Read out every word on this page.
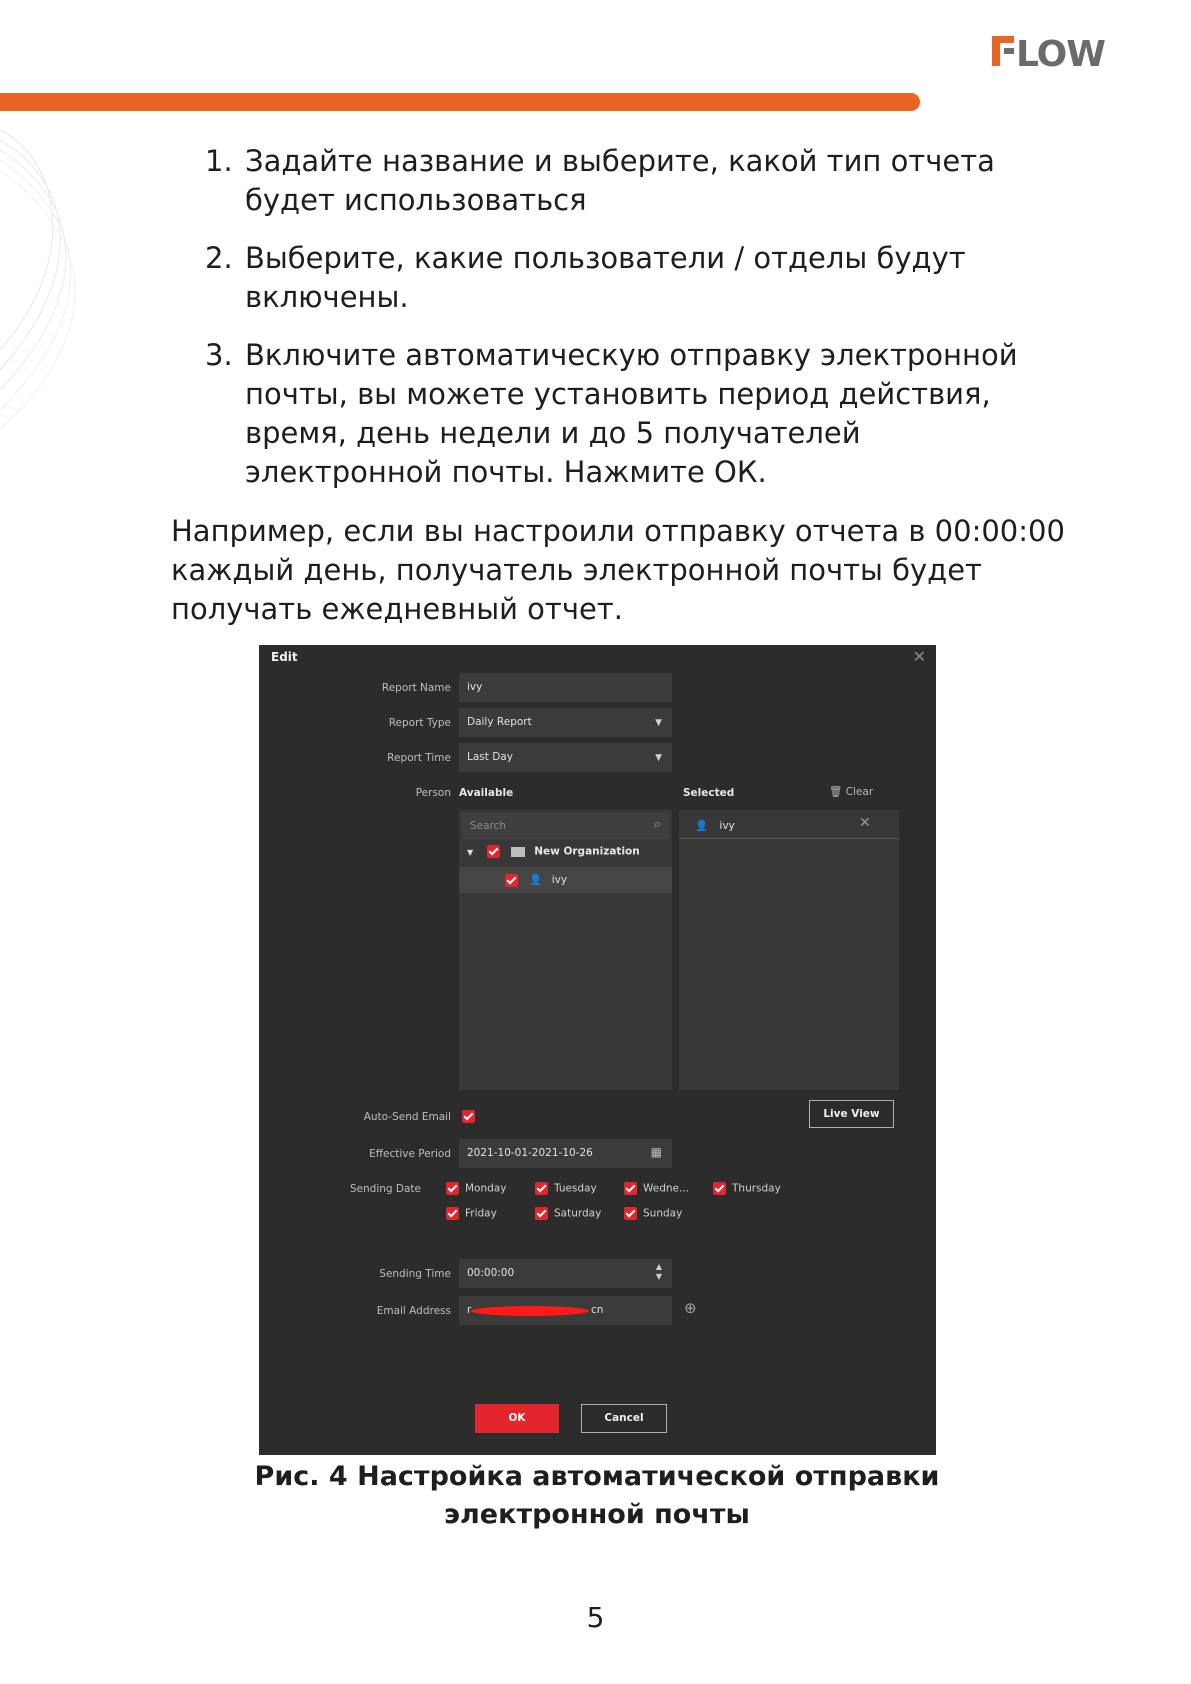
LOW
1. Задайте название и выберите, какой тип отчета будет использоваться
2. Выберите, какие пользователи / отделы будут включены.
3. Включите автоматическую отправку электронной почты, вы можете установить период действия, время, день недели и до 5 получателей электронной почты. Нажмите ОК.

Например, если вы настроили отправку отчета в 00:00:00 каждый день, получатель электронной почты будет получать ежедневный отчет.

Edit	✕
Report Name	ivy
Report Type	Daily Report	▼
Report Time	Last Day	▼
Person Available	Selected	🗑 Clear
Search	⌕
▼	New Organization
👤 ivy
👤 ivy	✕
Auto-Send Email	Live View
Effective Period	2021-10-01-2021-10-26	▦
Sending Date	Monday	Tuesday	Wedne...	Thursday
Friday	Saturday	Sunday
Sending Time	00:00:00
▲
▼
Email Address	r	cn	⊕
OK	Cancel
Рис. 4 Настройка автоматической отправки электронной почты
5
